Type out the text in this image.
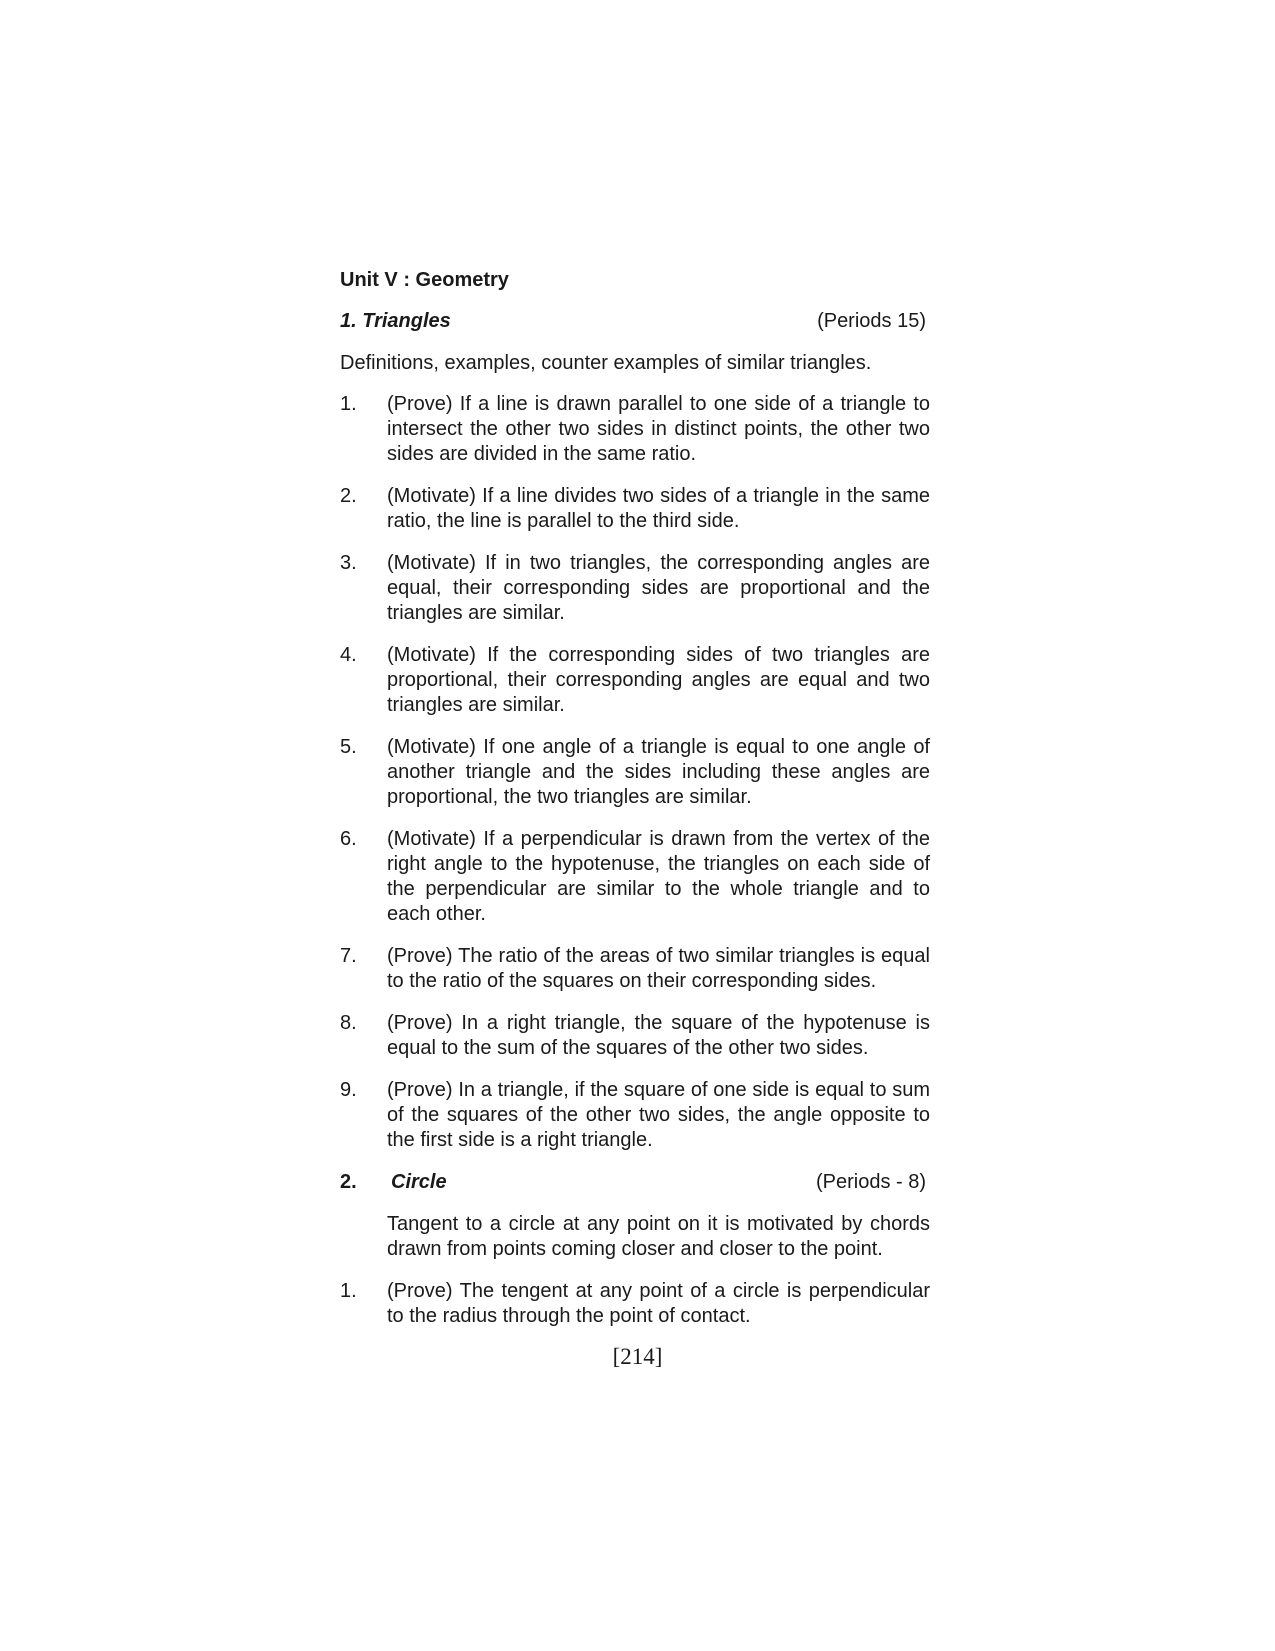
Unit V : Geometry
1. Triangles	(Periods 15)
Definitions, examples, counter examples of similar triangles.
1.	(Prove) If a line is drawn parallel to one side of a triangle to intersect the other two sides in distinct points, the other two sides are divided in the same ratio.
2.	(Motivate) If a line divides two sides of a triangle in the same ratio, the line is parallel to the third side.
3.	(Motivate) If in two triangles, the corresponding angles are equal, their corresponding sides are proportional and the triangles are similar.
4.	(Motivate) If the corresponding sides of two triangles are proportional, their corresponding angles are equal and two triangles are similar.
5.	(Motivate) If one angle of a triangle is equal to one angle of another triangle and the sides including these angles are proportional, the two triangles are similar.
6.	(Motivate) If a perpendicular is drawn from the vertex of the right angle to the hypotenuse, the triangles on each side of the perpendicular are similar to the whole triangle and to each other.
7.	(Prove) The ratio of the areas of two similar triangles is equal to the ratio of the squares on their corresponding sides.
8.	(Prove) In a right triangle, the square of the hypotenuse is equal to the sum of the squares of the other two sides.
9.	(Prove) In a triangle, if the square of one side is equal to sum of the squares of the other two sides, the angle opposite to the first side is a right triangle.
2.	Circle	(Periods - 8)
Tangent to a circle at any point on it is motivated by chords drawn from points coming closer and closer to the point.
1.	(Prove) The tengent at any point of a circle is perpendicular to the radius through the point of contact.
[214]
